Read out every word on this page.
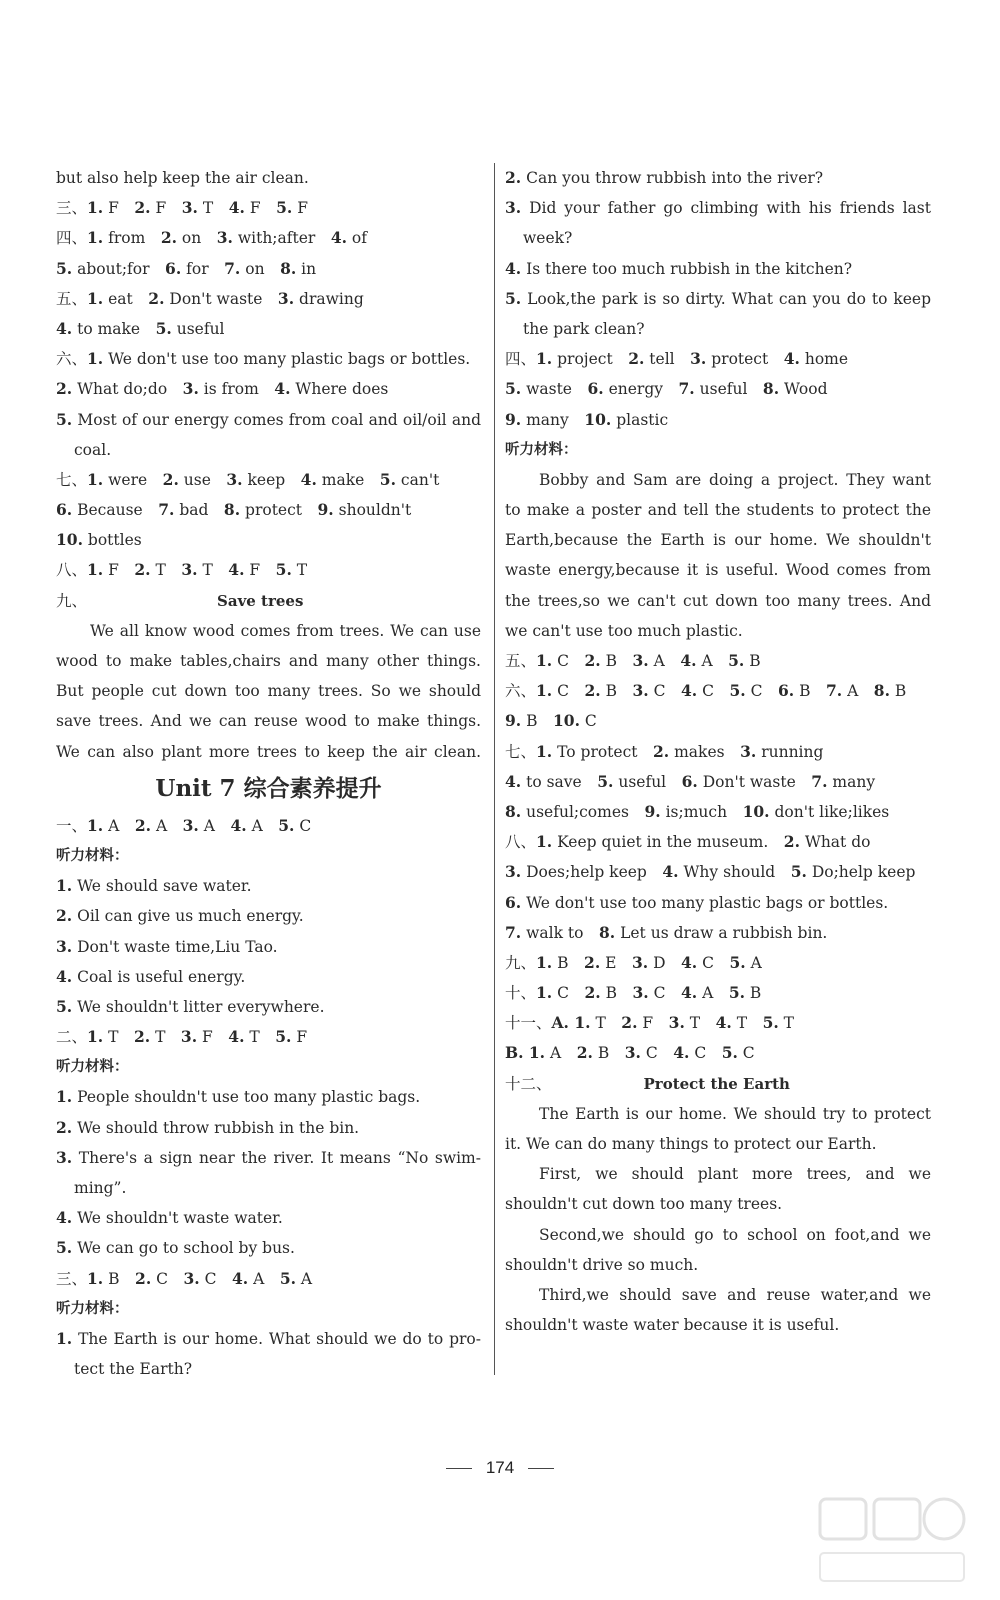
but also help keep the air clean.
三、1. F　2. F　3. T　4. F　5. F
四、1. from　2. on　3. with;after　4. of
5. about;for　6. for　7. on　8. in
五、1. eat　2. Don't waste　3. drawing
4. to make　5. useful
六、1. We don't use too many plastic bags or bottles.
2. What do;do　3. is from　4. Where does
5. Most of our energy comes from coal and oil/oil and
coal.
七、1. were　2. use　3. keep　4. make　5. can't
6. Because　7. bad　8. protect　9. shouldn't
10. bottles
八、1. F　2. T　3. T　4. F　5. T
九、	Save trees
We all know wood comes from trees. We can use
wood to make tables,chairs and many other things.
But people cut down too many trees. So we should
save trees. And we can reuse wood to make things.
We can also plant more trees to keep the air clean.
Unit 7 综合素养提升
一、1. A　2. A　3. A　4. A　5. C
听力材料：
1. We should save water.
2. Oil can give us much energy.
3. Don't waste time,Liu Tao.
4. Coal is useful energy.
5. We shouldn't litter everywhere.
二、1. T　2. T　3. F　4. T　5. F
听力材料：
1. People shouldn't use too many plastic bags.
2. We should throw rubbish in the bin.
3. There's a sign near the river. It means “No swim-
ming”.
4. We shouldn't waste water.
5. We can go to school by bus.
三、1. B　2. C　3. C　4. A　5. A
听力材料：
1. The Earth is our home. What should we do to pro-
tect the Earth?
2. Can you throw rubbish into the river?
3. Did your father go climbing with his friends last
week?
4. Is there too much rubbish in the kitchen?
5. Look,the park is so dirty. What can you do to keep
the park clean?
四、1. project　2. tell　3. protect　4. home
5. waste　6. energy　7. useful　8. Wood
9. many　10. plastic
听力材料：
Bobby and Sam are doing a project. They want
to make a poster and tell the students to protect the
Earth,because the Earth is our home. We shouldn't
waste energy,because it is useful. Wood comes from
the trees,so we can't cut down too many trees. And
we can't use too much plastic.
五、1. C　2. B　3. A　4. A　5. B
六、1. C　2. B　3. C　4. C　5. C　6. B　7. A　8. B
9. B　10. C
七、1. To protect　2. makes　3. running
4. to save　5. useful　6. Don't waste　7. many
8. useful;comes　9. is;much　10. don't like;likes
八、1. Keep quiet in the museum.　2. What do
3. Does;help keep　4. Why should　5. Do;help keep
6. We don't use too many plastic bags or bottles.
7. walk to　8. Let us draw a rubbish bin.
九、1. B　2. E　3. D　4. C　5. A
十、1. C　2. B　3. C　4. A　5. B
十一、A. 1. T　2. F　3. T　4. T　5. T
B. 1. A　2. B　3. C　4. C　5. C
十二、	Protect the Earth
The Earth is our home. We should try to protect
it. We can do many things to protect our Earth.
First, we should plant more trees, and we
shouldn't cut down too many trees.
Second,we should go to school on foot,and we
shouldn't drive so much.
Third,we should save and reuse water,and we
shouldn't waste water because it is useful.
174
